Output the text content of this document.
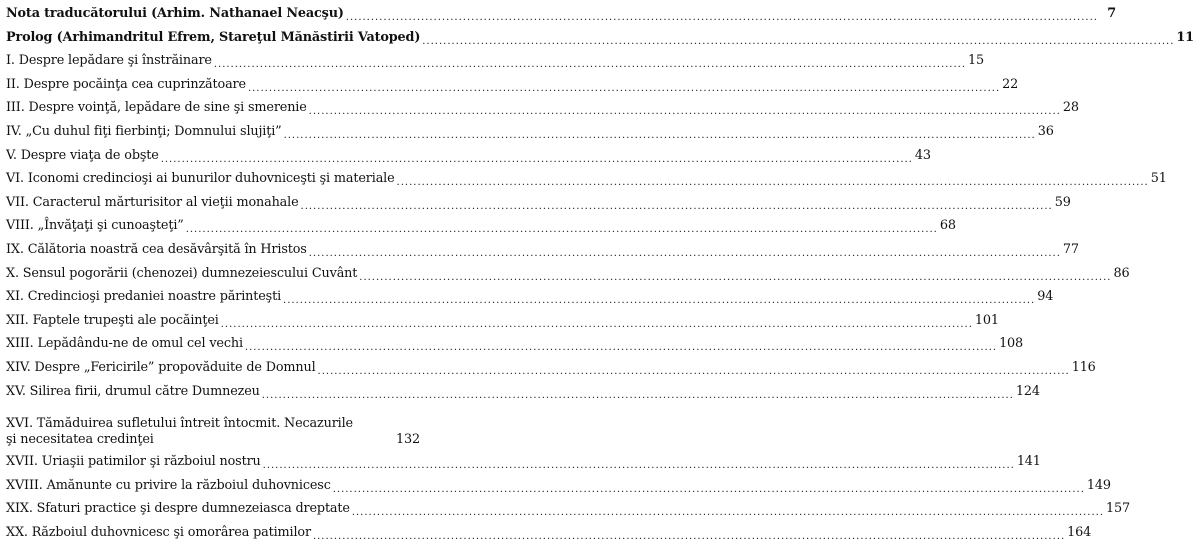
Nota traducătorului (Arhim. Nathanael Neacşu) .....	7
Prolog (Arhimandritul Efrem, Stareţul Mănăstirii Vatoped) .....	11
I. Despre lepădare şi înstrăinare .....	15
II. Despre pocăinţa cea cuprinzătoare .....	22
III. Despre voinţă, lepădare de sine şi smerenie .....	28
IV. „Cu duhul fiţi fierbinţi; Domnului slujiţi” .....	36
V. Despre viaţa de obşte .....	43
VI. Iconomi credincioşi ai bunurilor duhovniceşti şi materiale .....	51
VII. Caracterul mărturisitor al vieţii monahale .....	59
VIII. „Învăţaţi şi cunoaşteţi” .....	68
IX. Călătoria noastră cea desăvârşită în Hristos .....	77
X. Sensul pogorării (chenozei) dumnezeiescului Cuvânt .....	86
XI. Credincioşi predaniei noastre părinteşti .....	94
XII. Faptele trupeşti ale pocăinţei .....	101
XIII. Lepădându-ne de omul cel vechi .....	108
XIV. Despre „Fericirile” propovăduite de Domnul .....	116
XV. Silirea firii, drumul către Dumnezeu .....	124
XVI. Tămăduirea sufletului întreit întocmit. Necazurile şi necesitatea credinţei	132
XVII. Uriaşii patimilor şi războiul nostru .....	141
XVIII. Amănunte cu privire la războiul duhovnicesc .....	149
XIX. Sfaturi practice şi despre dumnezeiasca dreptate .....	157
XX. Războiul duhovnicesc şi omorârea patimilor .....	164
